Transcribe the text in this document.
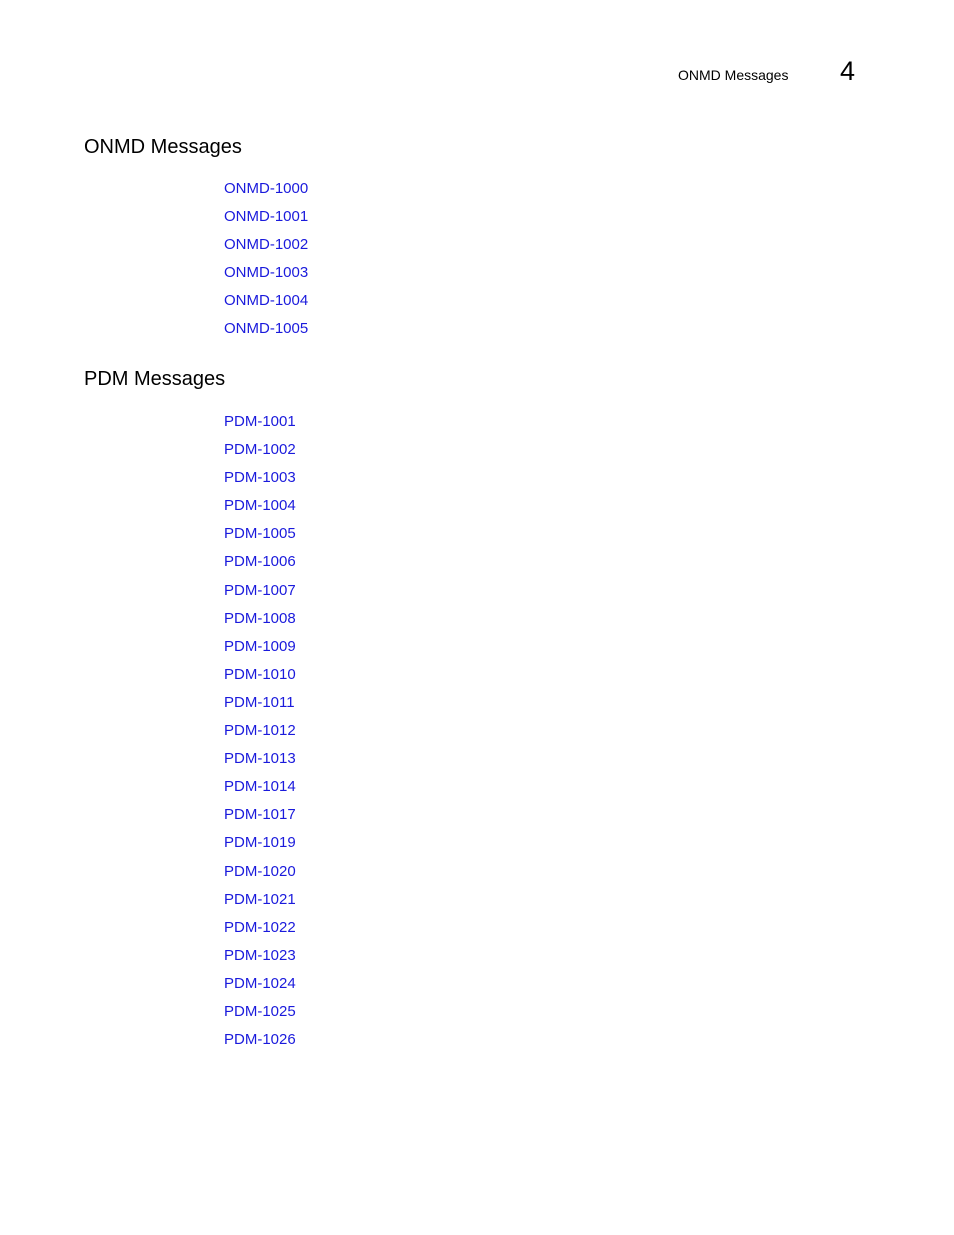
ONMD Messages 4
ONMD Messages
ONMD-1000
ONMD-1001
ONMD-1002
ONMD-1003
ONMD-1004
ONMD-1005
PDM Messages
PDM-1001
PDM-1002
PDM-1003
PDM-1004
PDM-1005
PDM-1006
PDM-1007
PDM-1008
PDM-1009
PDM-1010
PDM-1011
PDM-1012
PDM-1013
PDM-1014
PDM-1017
PDM-1019
PDM-1020
PDM-1021
PDM-1022
PDM-1023
PDM-1024
PDM-1025
PDM-1026
